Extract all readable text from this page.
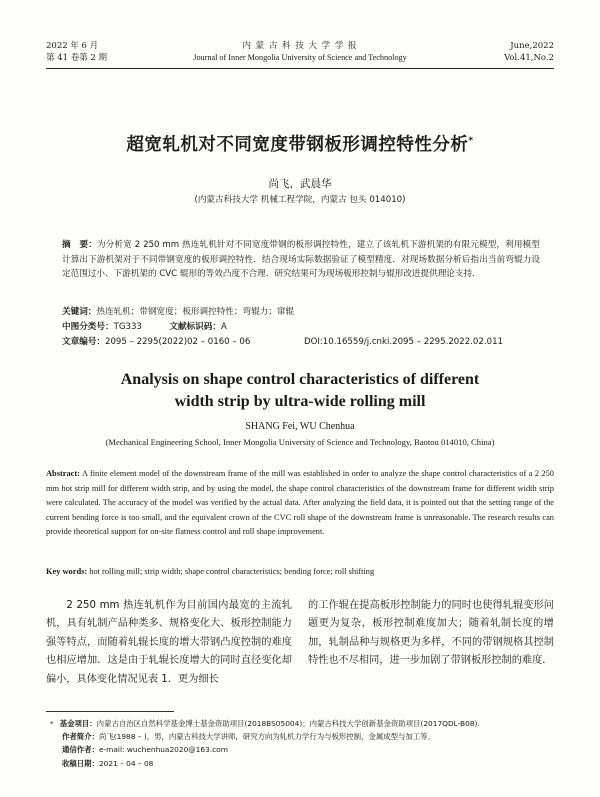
2022 年 6 月
第 41 卷第 2 期
内 蒙 古 科 技 大 学 学 报
Journal of Inner Mongolia University of Science and Technology
June,2022
Vol.41,No.2
超宽轧机对不同宽度带钢板形调控特性分析*
尚飞，武晨华
(内蒙古科技大学 机械工程学院，内蒙古 包头 014010)
摘　要：为分析宽 2 250 mm 热连轧机针对不同宽度带钢的板形调控特性，建立了该轧机下游机架的有限元模型，利用模型计算出下游机架对于不同带钢宽度的板形调控特性．结合现场实际数据验证了模型精度．对现场数据分析后指出当前弯辊力设定范围过小、下游机架的 CVC 辊形的等效凸度不合理．研究结果可为现场板形控制与辊形改进提供理论支持．
关键词：热连轧机；带钢宽度；板形调控特性；弯辊力；窜辊
中图分类号：TG333	文献标识码：A
文章编号：2095 – 2295(2022)02 – 0160 – 06	DOI:10.16559/j.cnki.2095 – 2295.2022.02.011
Analysis on shape control characteristics of different
width strip by ultra-wide rolling mill
SHANG Fei, WU Chenhua
(Mechanical Engineering School, Inner Mongolia University of Science and Technology, Baotou 014010, China)
Abstract: A finite element model of the downstream frame of the mill was established in order to analyze the shape control characteristics of a 2 250 mm hot strip mill for different width strip, and by using the model, the shape control characteristics of the downstream frame for different width strip were calculated. The accuracy of the model was verified by the actual data. After analyzing the field data, it is pointed out that the setting range of the current bending force is too small, and the equivalent crown of the CVC roll shape of the downstream frame is unreasonable. The research results can provide theoretical support for on-site flatness control and roll shape improvement.
Key words: hot rolling mill; strip width; shape control characteristics; bending force; roll shifting
2 250 mm 热连轧机作为目前国内最宽的主流轧机，具有轧制产品种类多、规格变化大、板形控制能力强等特点，而随着轧辊长度的增大带钢凸度控制的难度也相应增加．这是由于轧辊长度增大的同时直径变化却偏小，具体变化情况见表 1．更为细长
的工作辊在提高板形控制能力的同时也使得轧辊变形问题更为复杂，板形控制难度加大；随着轧制长度的增加，轧制品种与规格更为多样，不同的带钢规格其控制特性也不尽相同，进一步加剧了带钢板形控制的难度．
* 基金项目：内蒙古自治区自然科学基金博士基金资助项目(2018BS05004)；内蒙古科技大学创新基金资助项目(2017QDL-B08).
作者简介：尚飞(1988 – )，男，内蒙古科技大学讲师，研究方向为轧机力学行为与板形控制，金属成型与加工等．
通信作者：e-mail: wuchenhua2020@163.com
收稿日期：2021 – 04 – 08
